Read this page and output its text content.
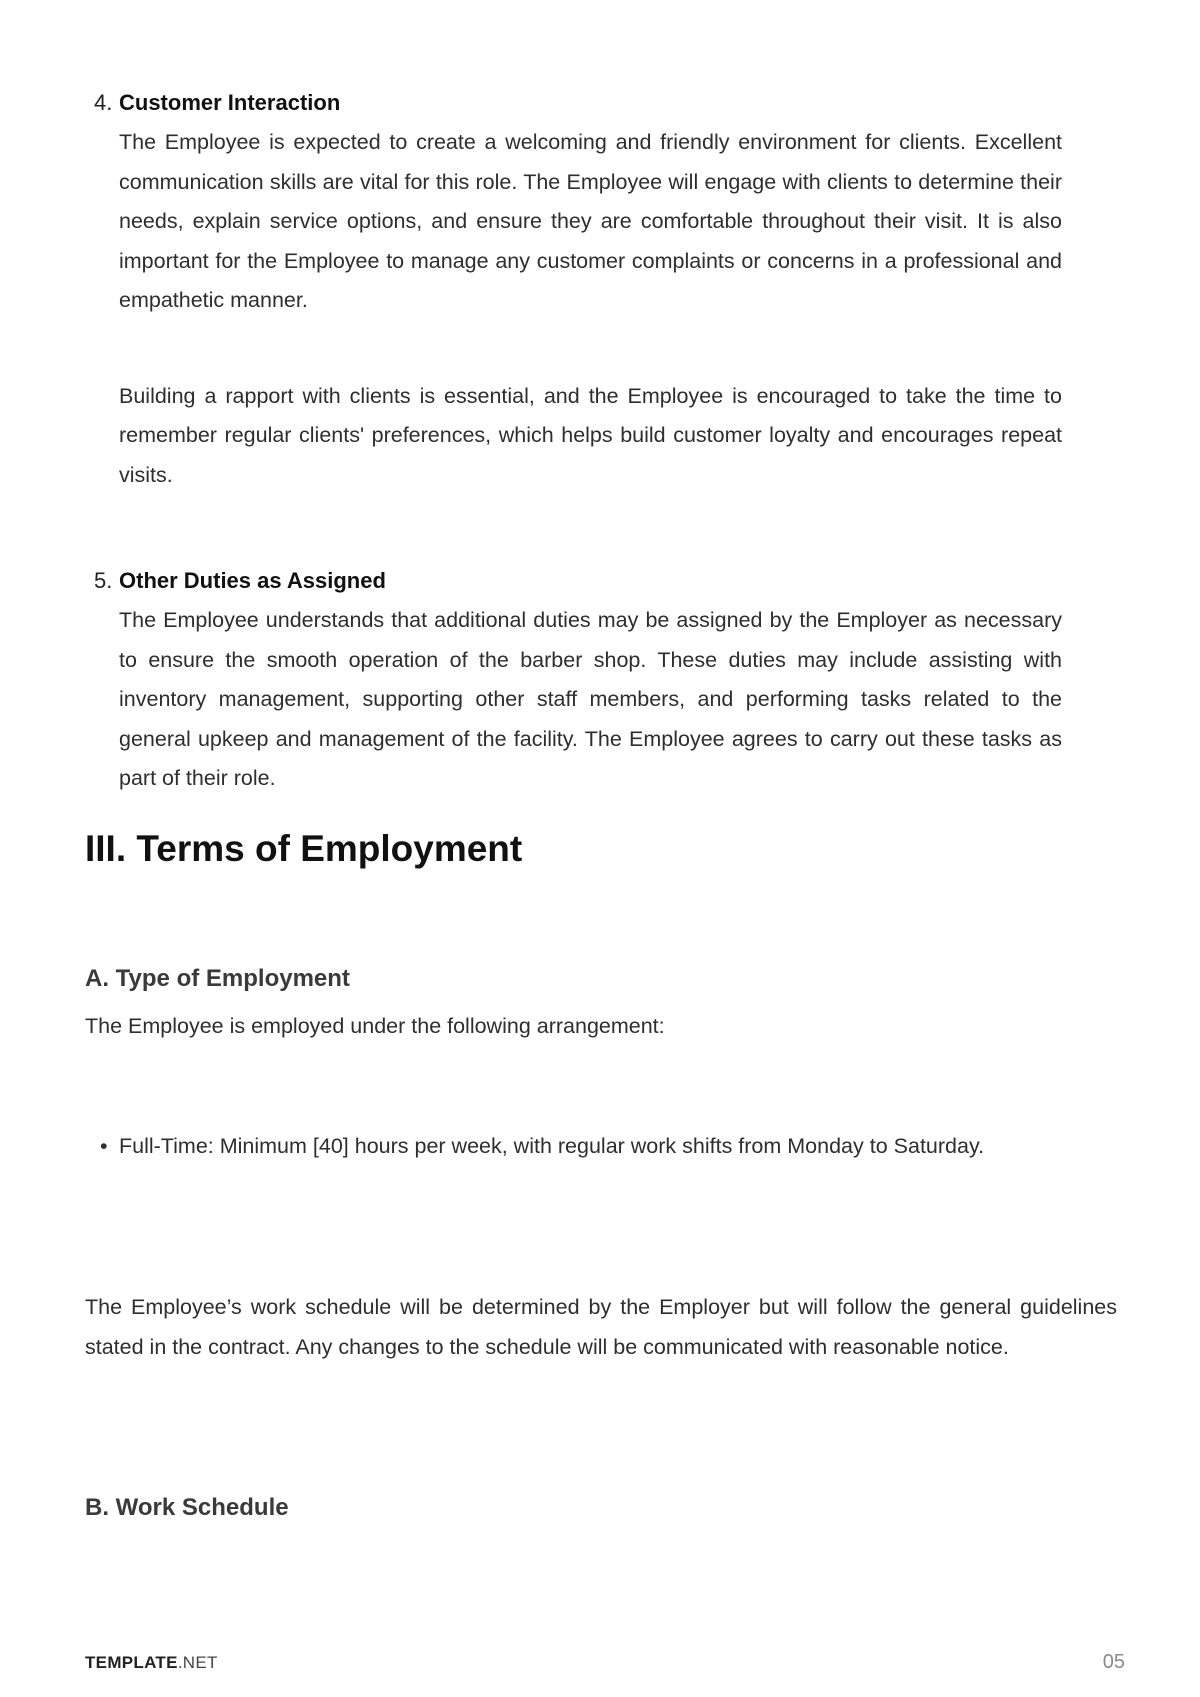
4. Customer Interaction

The Employee is expected to create a welcoming and friendly environment for clients. Excellent communication skills are vital for this role. The Employee will engage with clients to determine their needs, explain service options, and ensure they are comfortable throughout their visit. It is also important for the Employee to manage any customer complaints or concerns in a professional and empathetic manner.

Building a rapport with clients is essential, and the Employee is encouraged to take the time to remember regular clients' preferences, which helps build customer loyalty and encourages repeat visits.

5. Other Duties as Assigned

The Employee understands that additional duties may be assigned by the Employer as necessary to ensure the smooth operation of the barber shop. These duties may include assisting with inventory management, supporting other staff members, and performing tasks related to the general upkeep and management of the facility. The Employee agrees to carry out these tasks as part of their role.

III. Terms of Employment
A. Type of Employment

The Employee is employed under the following arrangement:

• Full-Time: Minimum [40] hours per week, with regular work shifts from Monday to Saturday.

The Employee’s work schedule will be determined by the Employer but will follow the general guidelines stated in the contract. Any changes to the schedule will be communicated with reasonable notice.

B. Work Schedule
TEMPLATE.NET	05
